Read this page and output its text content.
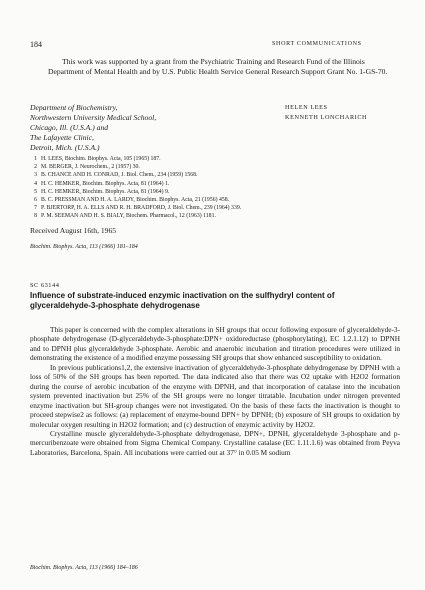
184	SHORT COMMUNICATIONS

This work was supported by a grant from the Psychiatric Training and Research Fund of the Illinois Department of Mental Health and by U.S. Public Health Service General Research Support Grant No. 1-GS-70.

Department of Biochemistry,
Northwestern University Medical School,
Chicago, Ill. (U.S.A.) and
The Lafayette Clinic,
Detroit, Mich. (U.S.A.)
HELEN LEES
KENNETH LONCHARICH
1 H. LEES, Biochim. Biophys. Acta, 105 (1965) 187.
2 M. BERGER, J. Neurochem., 2 (1957) 30.
3 B. CHANCE AND H. CONRAD, J. Biol. Chem., 234 (1959) 1568.
4 H. C. HEMKER, Biochim. Biophys. Acta, 81 (1964) 1.
5 H. C. HEMKER, Biochim. Biophys. Acta, 81 (1964) 9.
6 B. C. PRESSMAN AND H. A. LARDY, Biochim. Biophys. Acta, 21 (1956) 458.
7 P. BJERTORP, H. A. ELLS AND R. H. BRADFORD, J. Biol. Chem., 239 (1964) 339.
8 P. M. SEEMAN AND H. S. BIALY, Biochem. Pharmacol., 12 (1963) 1181.
Received August 16th, 1965
Biochim. Biophys. Acta, 113 (1966) 181–184
SC 63144
Influence of substrate-induced enzymic inactivation on the sulfhydryl content of glyceraldehyde-3-phosphate dehydrogenase

This paper is concerned with the complex alterations in SH groups that occur following exposure of glyceraldehyde-3-phosphate dehydrogenase (D-glyceraldehyde-3-phosphate:DPN+ oxidoreductase (phosphorylating), EC 1.2.1.12) to DPNH and to DPNH plus glyceraldehyde 3-phosphate. Aerobic and anaerobic incubation and titration procedures were utilized in demonstrating the existence of a modified enzyme possessing SH groups that show enhanced susceptibility to oxidation.

In previous publications1,2, the extensive inactivation of glyceraldehyde-3-phosphate dehydrogenase by DPNH with a loss of 50% of the SH groups has been reported. The data indicated also that there was O2 uptake with H2O2 formation during the course of aerobic incubation of the enzyme with DPNH, and that incorporation of catalase into the incubation system prevented inactivation but 25% of the SH groups were no longer titratable. Incubation under nitrogen prevented enzyme inactivation but SH-group changes were not investigated. On the basis of these facts the inactivation is thought to proceed stepwise2 as follows: (a) replacement of enzyme-bound DPN+ by DPNH; (b) exposure of SH groups to oxidation by molecular oxygen resulting in H2O2 formation; and (c) destruction of enzymic activity by H2O2.

Crystalline muscle glyceraldehyde-3-phosphate dehydrogenase, DPN+, DPNH, glyceraldehyde 3-phosphate and p-mercuribenzoate were obtained from Sigma Chemical Company. Crystalline catalase (EC 1.11.1.6) was obtained from Peyva Laboratories, Barcelona, Spain. All incubations were carried out at 37° in 0.05 M sodium

Biochim. Biophys. Acta, 113 (1966) 184–186
